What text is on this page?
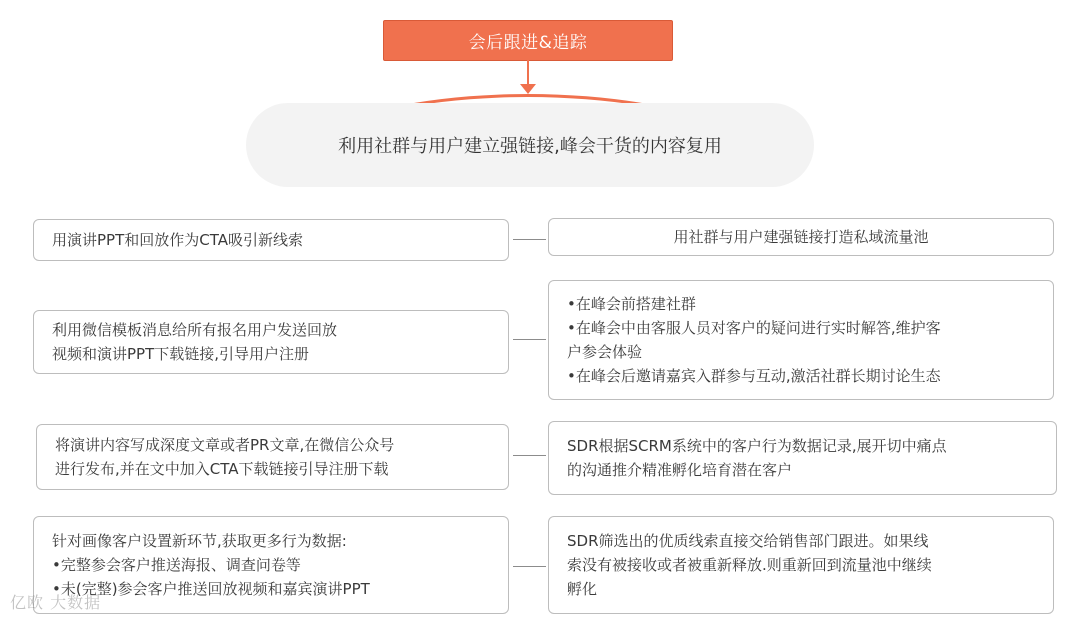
会后跟进&追踪
利用社群与用户建立强链接,峰会干货的内容复用
用演讲PPT和回放作为CTA吸引新线索	用社群与用户建强链接打造私域流量池
利用微信模板消息给所有报名用户发送回放
视频和演讲PPT下载链接,引导用户注册
•在峰会前搭建社群
•在峰会中由客服人员对客户的疑问进行实时解答,维护客
户参会体验
•在峰会后邀请嘉宾入群参与互动,激活社群长期讨论生态
将演讲内容写成深度文章或者PR文章,在微信公众号
进行发布,并在文中加入CTA下载链接引导注册下载
SDR根据SCRM系统中的客户行为数据记录,展开切中痛点
的沟通推介精准孵化培育潜在客户
针对画像客户设置新环节,获取更多行为数据:
•完整参会客户推送海报、调查问卷等
•未(完整)参会客户推送回放视频和嘉宾演讲PPT
SDR筛选出的优质线索直接交给销售部门跟进。如果线
索没有被接收或者被重新释放.则重新回到流量池中继续
孵化
亿欧 大数据
